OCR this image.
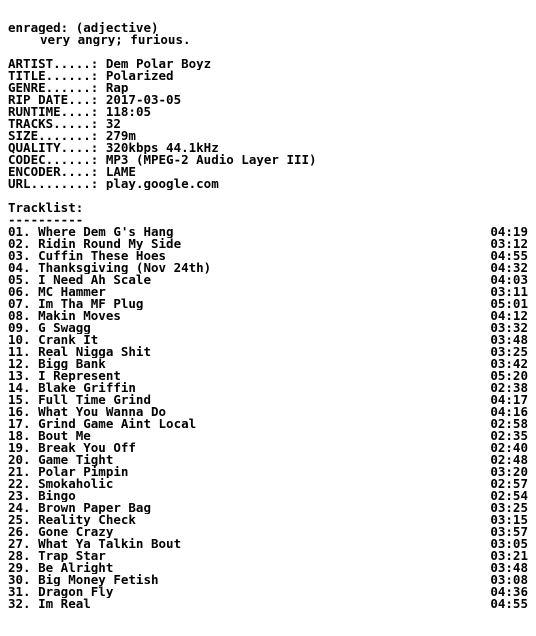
enraged: (adjective)
very angry; furious.
ARTIST.....: Dem Polar Boyz
TITLE......: Polarized
GENRE......: Rap
RIP DATE...: 2017-03-05
RUNTIME....: 118:05
TRACKS.....: 32
SIZE.......: 279m
QUALITY....: 320kbps 44.1kHz
CODEC......: MP3 (MPEG-2 Audio Layer III)
ENCODER....: LAME
URL........: play.google.com
Tracklist:
----------
01. Where Dem G's Hang	04:19
02. Ridin Round My Side	03:12
03. Cuffin These Hoes	04:55
04. Thanksgiving (Nov 24th)	04:32
05. I Need Ah Scale	04:03
06. MC Hammer	03:11
07. Im Tha MF Plug	05:01
08. Makin Moves	04:12
09. G Swagg	03:32
10. Crank It	03:48
11. Real Nigga Shit	03:25
12. Bigg Bank	03:42
13. I Represent	05:20
14. Blake Griffin	02:38
15. Full Time Grind	04:17
16. What You Wanna Do	04:16
17. Grind Game Aint Local	02:58
18. Bout Me	02:35
19. Break You Off	02:40
20. Game Tight	02:48
21. Polar Pimpin	03:20
22. Smokaholic	02:57
23. Bingo	02:54
24. Brown Paper Bag	03:25
25. Reality Check	03:15
26. Gone Crazy	03:57
27. What Ya Talkin Bout	03:05
28. Trap Star	03:21
29. Be Alright	03:48
30. Big Money Fetish	03:08
31. Dragon Fly	04:36
32. Im Real	04:55
